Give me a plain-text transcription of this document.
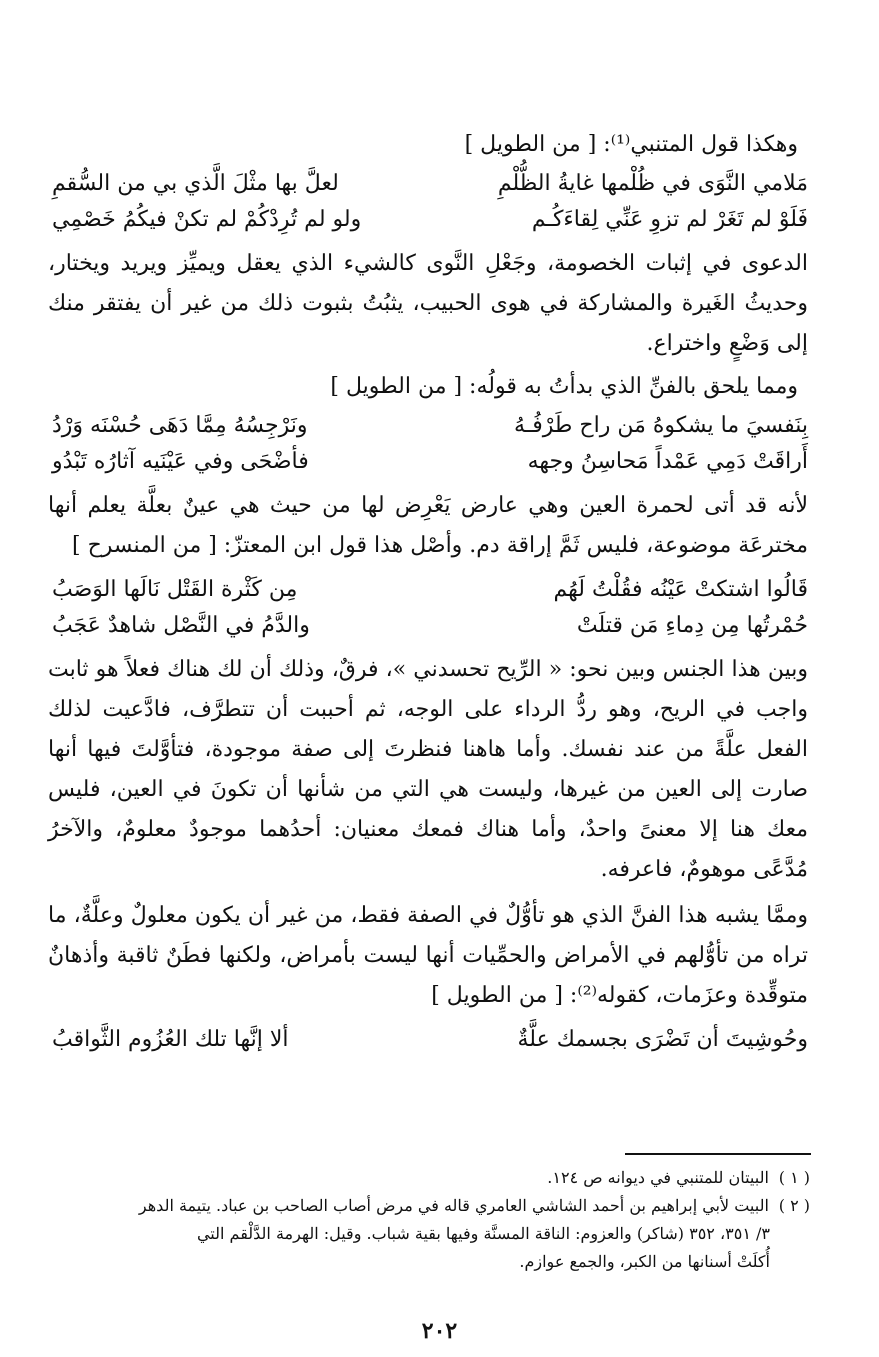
وهكذا قول المتنبي⁽¹⁾: [ من الطويل ]
مَلامي النَّوَى في ظُلْمها غايةُ الظُّلْمِ
لعلَّ بها مثْلَ الَّذي بي من السُّقمِ
فَلَوْ لم تَغَرْ لم تزوِ عَنِّي لِقاءَكُـم
ولو لم تُرِدْكُمْ لم تكنْ فيكُمُ خَصْمِي

الدعوى في إثبات الخصومة، وجَعْلِ النَّوى كالشيء الذي يعقل ويميِّز ويريد ويختار، وحديثُ الغَيرة والمشاركة في هوى الحبيب، يثبُتُ بثبوت ذلك من غير أن يفتقر منك إلى وَضْعٍ واختراع.

ومما يلحق بالفنِّ الذي بدأتُ به قولُه: [ من الطويل ]
بِنَفسيَ ما يشكوهُ مَن راح طَرْفُـهُ
ونَرْجِسُهُ مِمَّا دَهَى حُسْنَه وَرْدُ
أَراقَتْ دَمِي عَمْداً مَحاسِنُ وجهه
فأضْحَى وفي عَيْنَيه آثارُه تَبْدُو

لأنه قد أتى لحمرة العين وهي عارض يَعْرِض لها من حيث هي عينٌ بعلَّة يعلم أنها مخترعَة موضوعة، فليس ثَمَّ إراقة دم. وأصْل هذا قول ابن المعتزّ: [ من المنسرح ]

قَالُوا اشتكتْ عَيْنُه فقُلْتُ لَهُم
مِن كَثْرة القَتْل نَالَها الوَصَبُ
حُمْرتُها مِن دِماءِ مَن قتلَتْ
والدَّمُ في النَّصْل شاهدٌ عَجَبُ

وبين هذا الجنس وبين نحو: « الرِّيح تحسدني »، فرقٌ، وذلك أن لك هناك فعلاً هو ثابت واجب في الريح، وهو ردُّ الرداء على الوجه، ثم أحببت أن تتطرَّف، فادَّعيت لذلك الفعل علَّةً من عند نفسك. وأما هاهنا فنظرتَ إلى صفة موجودة، فتأوَّلتَ فيها أنها صارت إلى العين من غيرها، وليست هي التي من شأنها أن تكونَ في العين، فليس معك هنا إلا معنىً واحدٌ، وأما هناك فمعك معنيان: أحدُهما موجودٌ معلومٌ، والآخرُ مُدَّعًى موهومٌ، فاعرفه.

وممَّا يشبه هذا الفنَّ الذي هو تأوُّلٌ في الصفة فقط، من غير أن يكون معلولٌ وعلَّةٌ، ما تراه من تأوُّلهم في الأمراض والحمِّيات أنها ليست بأمراض، ولكنها فطَنٌ ثاقبة وأذهانٌ متوقِّدة وعزَمات، كقوله⁽²⁾: [ من الطويل ]

وحُوشِيتَ أن تَضْرَى بجسمك علَّةٌ
ألا إنَّها تلك العُزُوم الثَّواقبُ

( ١ ) البيتان للمتنبي في ديوانه ص ١٢٤.

( ٢ ) البيت لأبي إبراهيم بن أحمد الشاشي العامري قاله في مرض أصاب الصاحب بن عباد. يتيمة الدهر

٣/ ٣٥١، ٣٥٢ (شاكر) والعزوم: الناقة المسنَّة وفيها بقية شباب. وقيل: الهرمة الدَّلْقم التي

أُكلَتْ أسنانها من الكبر، والجمع عوازم.

٢٠٢
